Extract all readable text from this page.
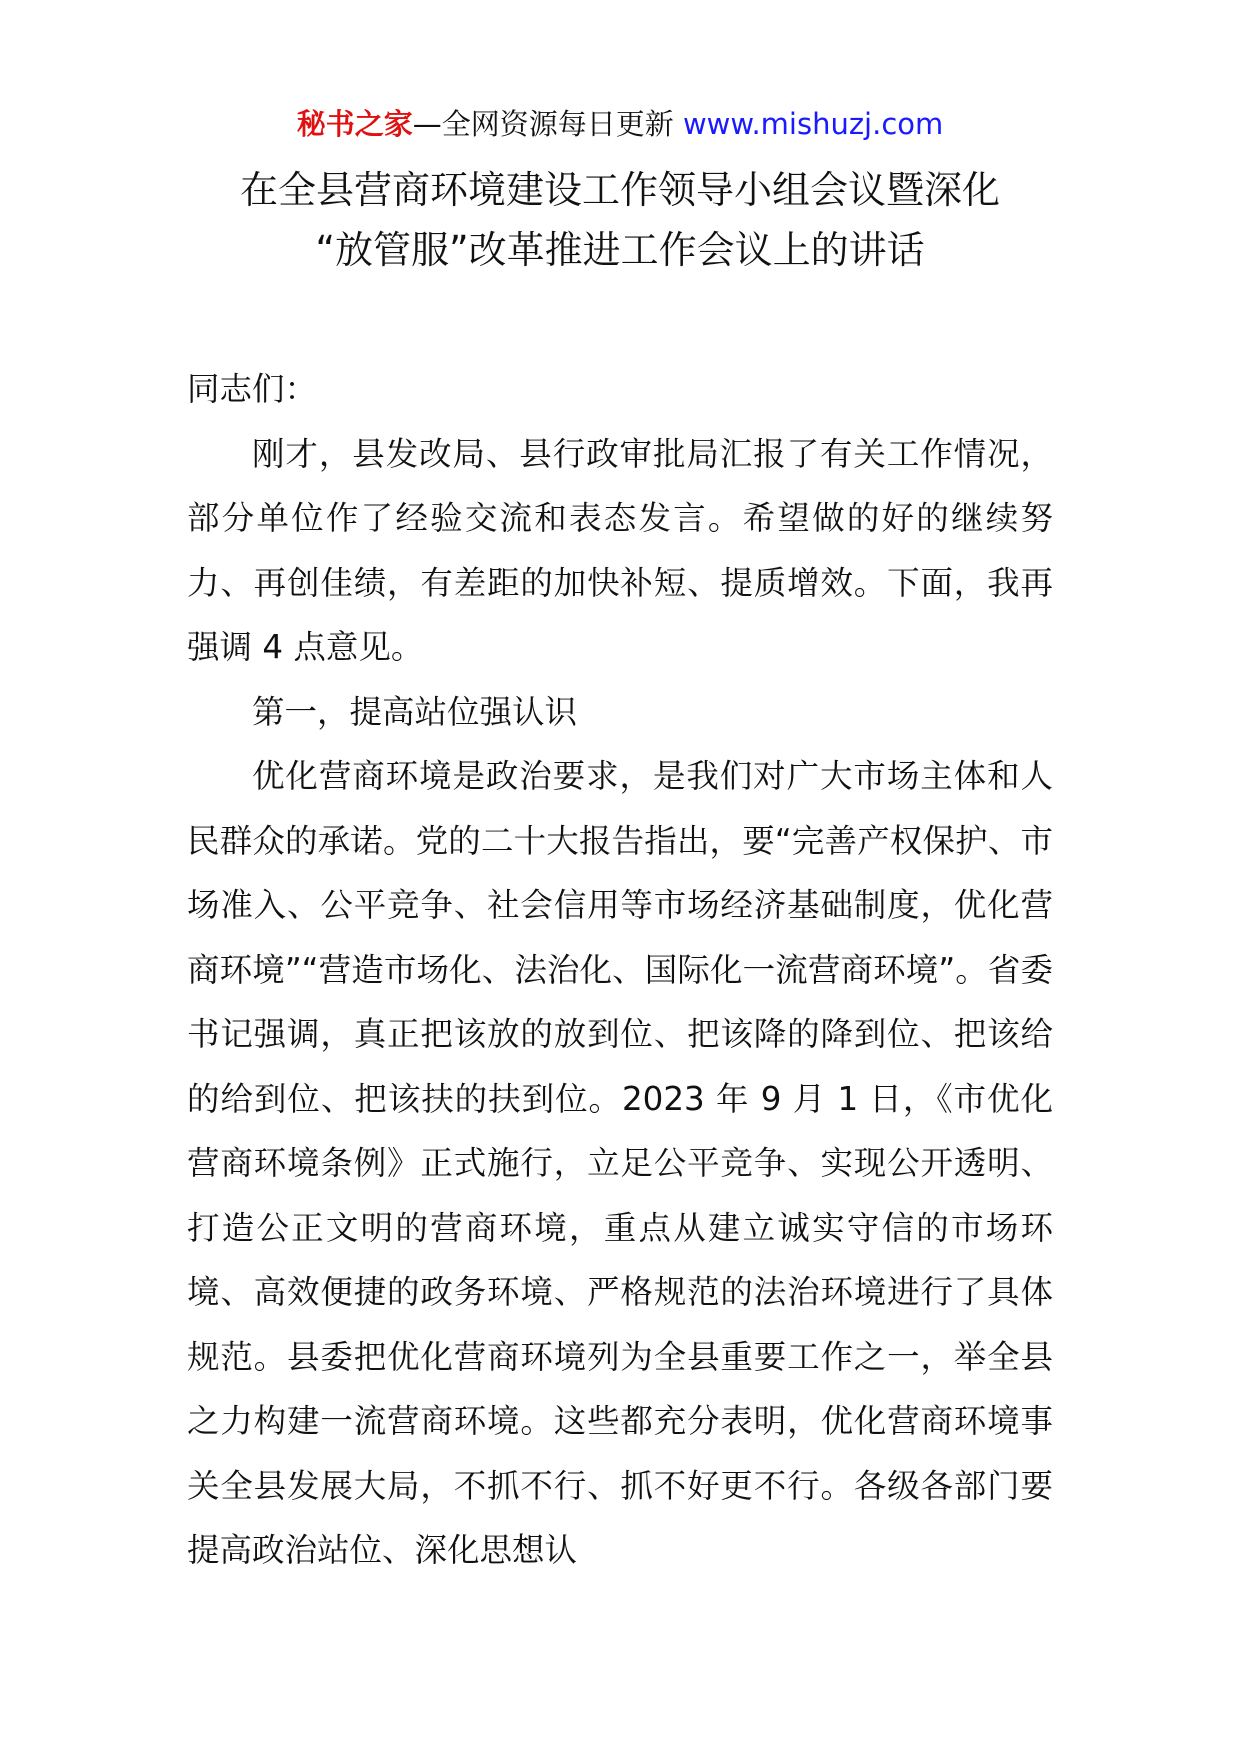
秘书之家—全网资源每日更新 www.mishuzj.com
在全县营商环境建设工作领导小组会议暨深化
“放管服”改革推进工作会议上的讲话

同志们：

刚才，县发改局、县行政审批局汇报了有关工作情况，部分单位作了经验交流和表态发言。希望做的好的继续努力、再创佳绩，有差距的加快补短、提质增效。下面，我再强调 4 点意见。

第一，提高站位强认识

优化营商环境是政治要求，是我们对广大市场主体和人民群众的承诺。党的二十大报告指出，要“完善产权保护、市场准入、公平竞争、社会信用等市场经济基础制度，优化营商环境”“营造市场化、法治化、国际化一流营商环境”。省委书记强调，真正把该放的放到位、把该降的降到位、把该给的给到位、把该扶的扶到位。2023 年 9 月 1 日，《市优化营商环境条例》正式施行，立足公平竞争、实现公开透明、打造公正文明的营商环境，重点从建立诚实守信的市场环境、高效便捷的政务环境、严格规范的法治环境进行了具体规范。县委把优化营商环境列为全县重要工作之一，举全县之力构建一流营商环境。这些都充分表明，优化营商环境事关全县发展大局，不抓不行、抓不好更不行。各级各部门要提高政治站位、深化思想认
